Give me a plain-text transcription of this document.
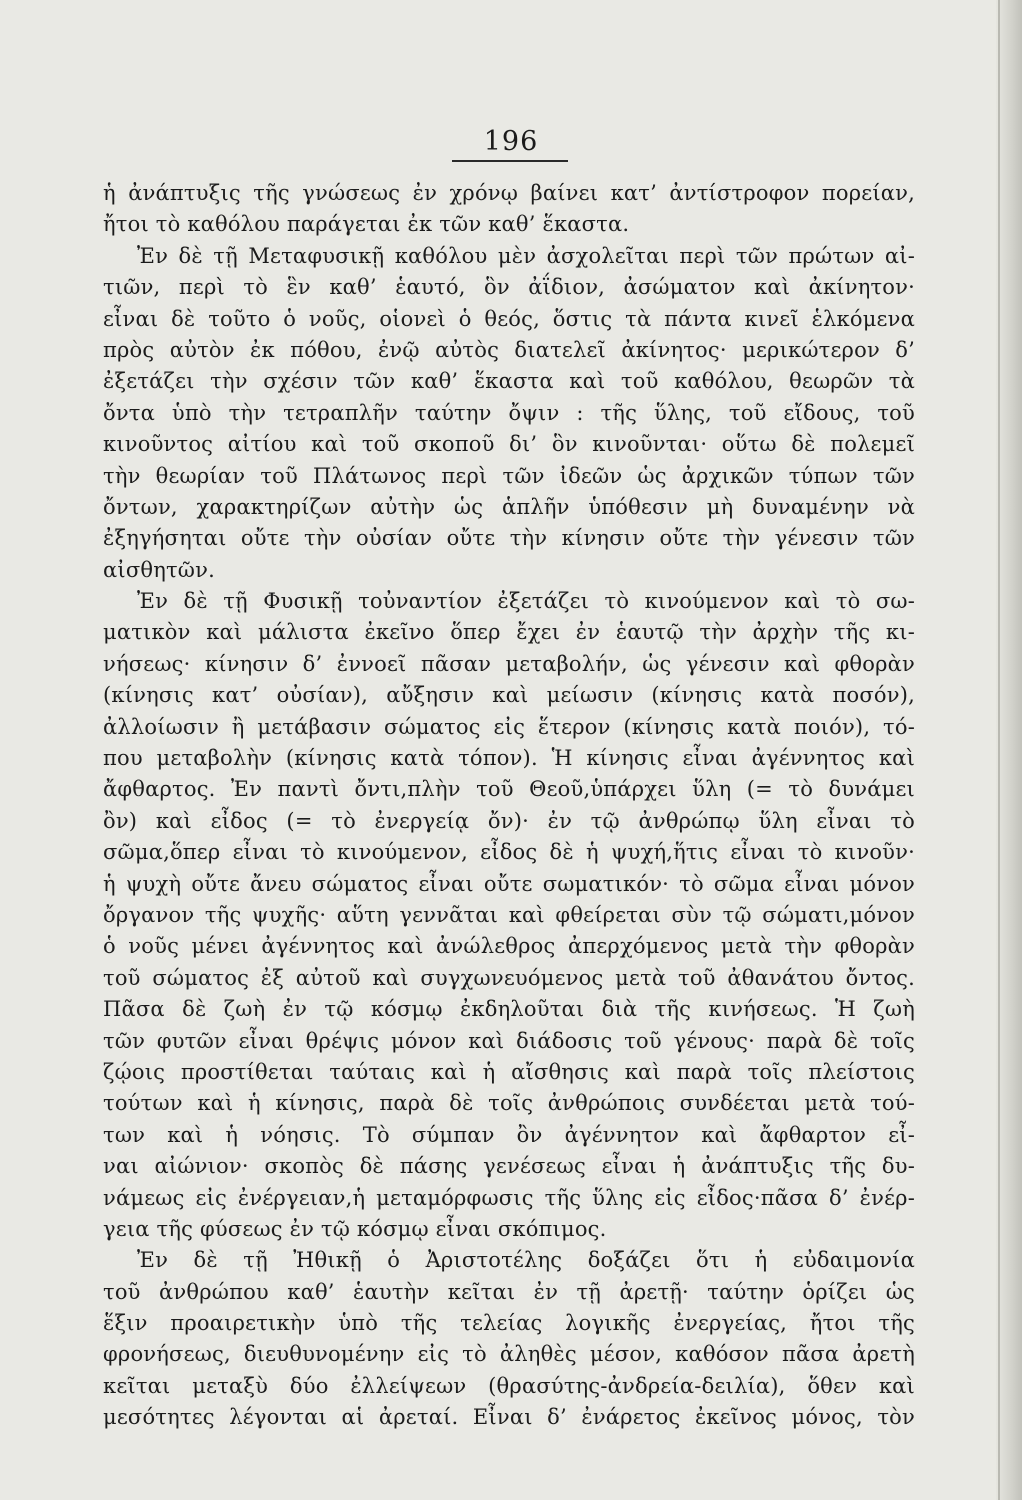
196
ἡ ἀνάπτυξις τῆς γνώσεως ἐν χρόνῳ βαίνει κατ’ ἀντίστροφον πορείαν,
ἤτοι τὸ καθόλου παράγεται ἐκ τῶν καθ’ ἕκαστα.
Ἐν δὲ τῇ Μεταφυσικῇ καθόλου μὲν ἀσχολεῖται περὶ τῶν πρώτων αἰ-
τιῶν, περὶ τὸ ἓν καθ’ ἑαυτό, ὃν ἀΐδιον, ἀσώματον καὶ ἀκίνητον·
εἶναι δὲ τοῦτο ὁ νοῦς, οἱονεὶ ὁ θεός, ὅστις τὰ πάντα κινεῖ ἑλκόμενα
πρὸς αὐτὸν ἐκ πόθου, ἐνῷ αὐτὸς διατελεῖ ἀκίνητος· μερικώτερον δ’
ἐξετάζει τὴν σχέσιν τῶν καθ’ ἕκαστα καὶ τοῦ καθόλου, θεωρῶν τὰ
ὄντα ὑπὸ τὴν τετραπλῆν ταύτην ὄψιν : τῆς ὕλης, τοῦ εἴδους, τοῦ
κινοῦντος αἰτίου καὶ τοῦ σκοποῦ δι’ ὃν κινοῦνται· οὕτω δὲ πολεμεῖ
τὴν θεωρίαν τοῦ Πλάτωνος περὶ τῶν ἰδεῶν ὡς ἀρχικῶν τύπων τῶν
ὄντων, χαρακτηρίζων αὐτὴν ὡς ἁπλῆν ὑπόθεσιν μὴ δυναμένην νὰ
ἐξηγήσηται οὔτε τὴν οὐσίαν οὔτε τὴν κίνησιν οὔτε τὴν γένεσιν τῶν
αἰσθητῶν.
Ἐν δὲ τῇ Φυσικῇ τοὐναντίον ἐξετάζει τὸ κινούμενον καὶ τὸ σω-
ματικὸν καὶ μάλιστα ἐκεῖνο ὅπερ ἔχει ἐν ἑαυτῷ τὴν ἀρχὴν τῆς κι-
νήσεως· κίνησιν δ’ ἐννοεῖ πᾶσαν μεταβολήν, ὡς γένεσιν καὶ φθορὰν
(κίνησις κατ’ οὐσίαν), αὔξησιν καὶ μείωσιν (κίνησις κατὰ ποσόν),
ἀλλοίωσιν ἢ μετάβασιν σώματος εἰς ἕτερον (κίνησις κατὰ ποιόν), τό-
που μεταβολὴν (κίνησις κατὰ τόπον). Ἡ κίνησις εἶναι ἀγέννητος καὶ
ἄφθαρτος. Ἐν παντὶ ὄντι,πλὴν τοῦ Θεοῦ,ὑπάρχει ὕλη (= τὸ δυνάμει
ὂν) καὶ εἶδος (= τὸ ἐνεργείᾳ ὄν)· ἐν τῷ ἀνθρώπῳ ὕλη εἶναι τὸ
σῶμα,ὅπερ εἶναι τὸ κινούμενον, εἶδος δὲ ἡ ψυχή,ἥτις εἶναι τὸ κινοῦν·
ἡ ψυχὴ οὔτε ἄνευ σώματος εἶναι οὔτε σωματικόν· τὸ σῶμα εἶναι μόνον
ὄργανον τῆς ψυχῆς· αὕτη γεννᾶται καὶ φθείρεται σὺν τῷ σώματι,μόνον
ὁ νοῦς μένει ἀγέννητος καὶ ἀνώλεθρος ἀπερχόμενος μετὰ τὴν φθορὰν
τοῦ σώματος ἐξ αὐτοῦ καὶ συγχωνευόμενος μετὰ τοῦ ἀθανάτου ὄντος.
Πᾶσα δὲ ζωὴ ἐν τῷ κόσμῳ ἐκδηλοῦται διὰ τῆς κινήσεως. Ἡ ζωὴ
τῶν φυτῶν εἶναι θρέψις μόνον καὶ διάδοσις τοῦ γένους· παρὰ δὲ τοῖς
ζῴοις προστίθεται ταύταις καὶ ἡ αἴσθησις καὶ παρὰ τοῖς πλείστοις
τούτων καὶ ἡ κίνησις, παρὰ δὲ τοῖς ἀνθρώποις συνδέεται μετὰ τού-
των καὶ ἡ νόησις. Τὸ σύμπαν ὂν ἀγέννητον καὶ ἄφθαρτον εἶ-
ναι αἰώνιον· σκοπὸς δὲ πάσης γενέσεως εἶναι ἡ ἀνάπτυξις τῆς δυ-
νάμεως εἰς ἐνέργειαν,ἡ μεταμόρφωσις τῆς ὕλης εἰς εἶδος·πᾶσα δ’ ἐνέρ-
γεια τῆς φύσεως ἐν τῷ κόσμῳ εἶναι σκόπιμος.
Ἐν δὲ τῇ Ἠθικῇ ὁ Ἀριστοτέλης δοξάζει ὅτι ἡ εὐδαιμονία
τοῦ ἀνθρώπου καθ’ ἑαυτὴν κεῖται ἐν τῇ ἀρετῇ· ταύτην ὁρίζει ὡς
ἕξιν προαιρετικὴν ὑπὸ τῆς τελείας λογικῆς ἐνεργείας, ἤτοι τῆς
φρονήσεως, διευθυνομένην εἰς τὸ ἀληθὲς μέσον, καθόσον πᾶσα ἀρετὴ
κεῖται μεταξὺ δύο ἐλλείψεων (θρασύτης-ἀνδρεία-δειλία), ὅθεν καὶ
μεσότητες λέγονται αἱ ἀρεταί. Εἶναι δ’ ἐνάρετος ἐκεῖνος μόνος, τὸν
